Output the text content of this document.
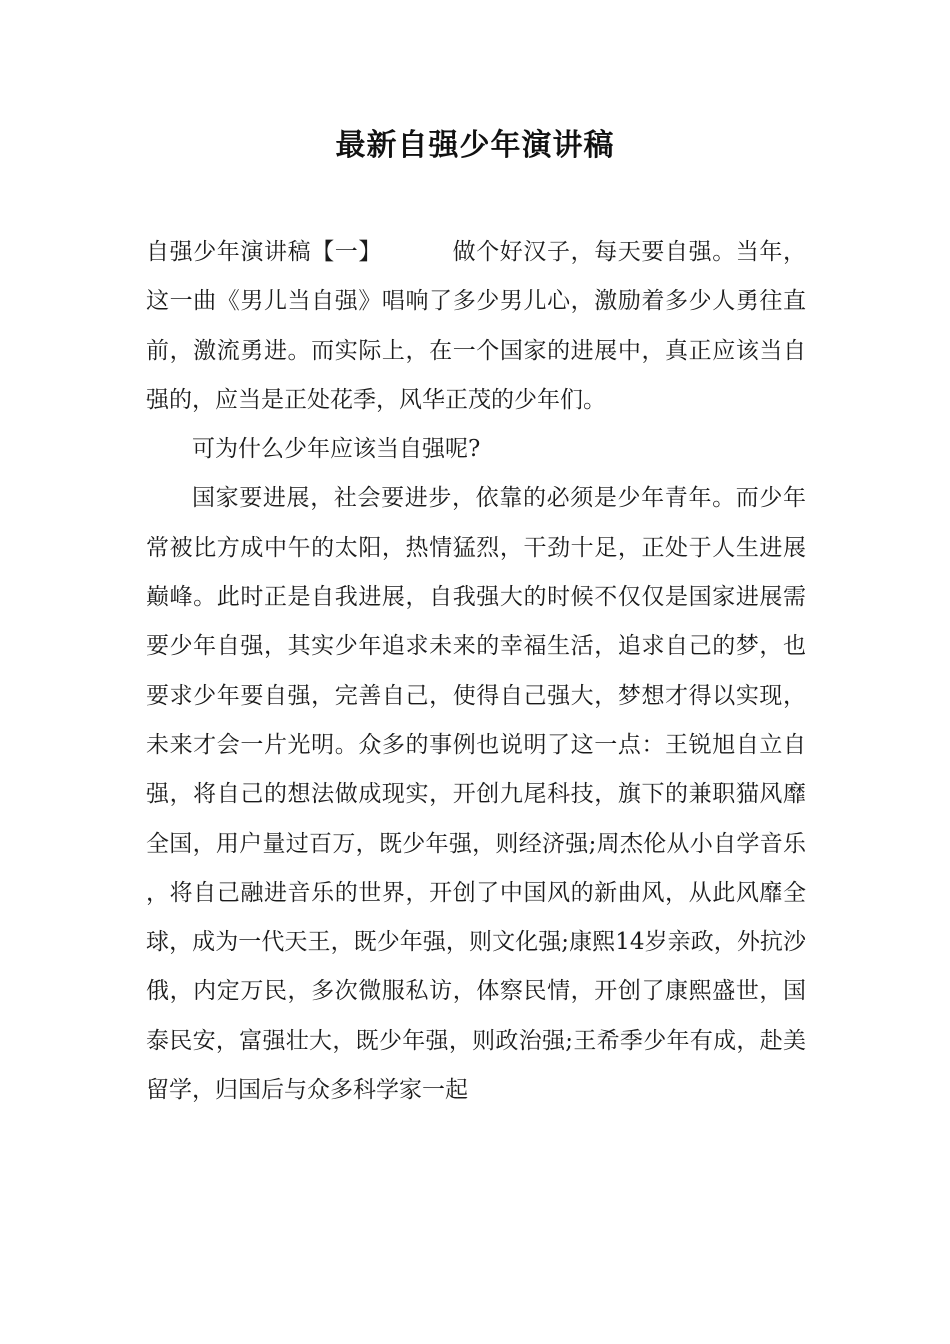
最新自强少年演讲稿

自强少年演讲稿【一】	做个好汉子，每天要自强。当年，这一曲《男儿当自强》唱响了多少男儿心，激励着多少人勇往直前，激流勇进。而实际上，在一个国家的进展中，真正应该当自强的，应当是正处花季，风华正茂的少年们。

可为什么少年应该当自强呢?

国家要进展，社会要进步，依靠的必须是少年青年。而少年常被比方成中午的太阳，热情猛烈，干劲十足，正处于人生进展巅峰。此时正是自我进展，自我强大的时候不仅仅是国家进展需要少年自强，其实少年追求未来的幸福生活，追求自己的梦，也要求少年要自强，完善自己，使得自己强大，梦想才得以实现，未来才会一片光明。众多的事例也说明了这一点：王锐旭自立自强，将自己的想法做成现实，开创九尾科技，旗下的兼职猫风靡全国，用户量过百万，既少年强，则经济强;周杰伦从小自学音乐，将自己融进音乐的世界，开创了中国风的新曲风，从此风靡全球，成为一代天王，既少年强，则文化强;康熙14岁亲政，外抗沙俄，内定万民，多次微服私访，体察民情，开创了康熙盛世，国泰民安，富强壮大，既少年强，则政治强;王希季少年有成，赴美留学，归国后与众多科学家一起
